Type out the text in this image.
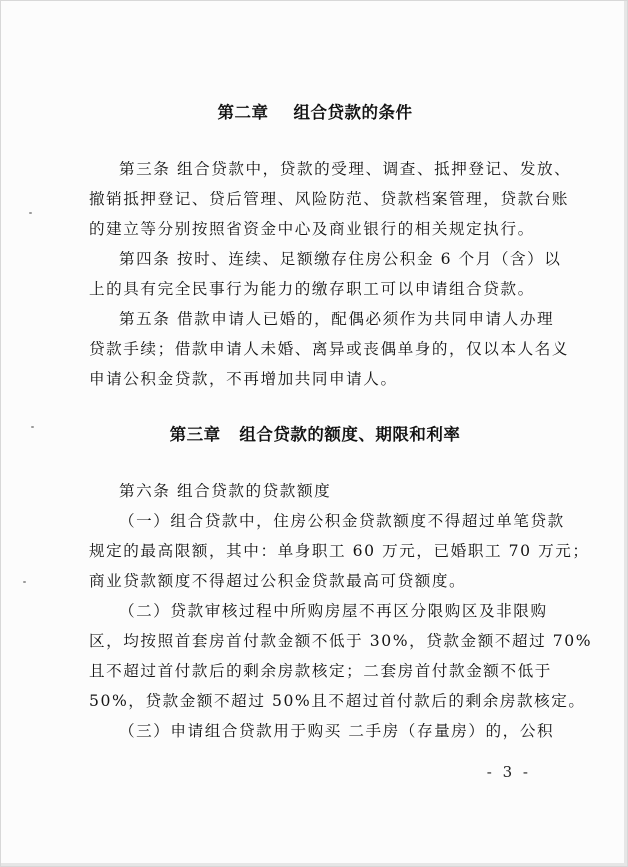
第二章    组合贷款的条件
第三条 组合贷款中，贷款的受理、调查、抵押登记、发放、
撤销抵押登记、贷后管理、风险防范、贷款档案管理，贷款台账
的建立等分别按照省资金中心及商业银行的相关规定执行。
第四条 按时、连续、足额缴存住房公积金 6 个月（含）以
上的具有完全民事行为能力的缴存职工可以申请组合贷款。
第五条 借款申请人已婚的，配偶必须作为共同申请人办理
贷款手续；借款申请人未婚、离异或丧偶单身的，仅以本人名义
申请公积金贷款，不再增加共同申请人。
第三章   组合贷款的额度、期限和利率
第六条 组合贷款的贷款额度
（一）组合贷款中，住房公积金贷款额度不得超过单笔贷款
规定的最高限额，其中：单身职工 60 万元，已婚职工 70 万元；
商业贷款额度不得超过公积金贷款最高可贷额度。
（二）贷款审核过程中所购房屋不再区分限购区及非限购
区，均按照首套房首付款金额不低于 30%，贷款金额不超过 70%
且不超过首付款后的剩余房款核定；二套房首付款金额不低于
50%，贷款金额不超过 50%且不超过首付款后的剩余房款核定。
（三）申请组合贷款用于购买 二手房（存量房）的，公积
- 3 -
